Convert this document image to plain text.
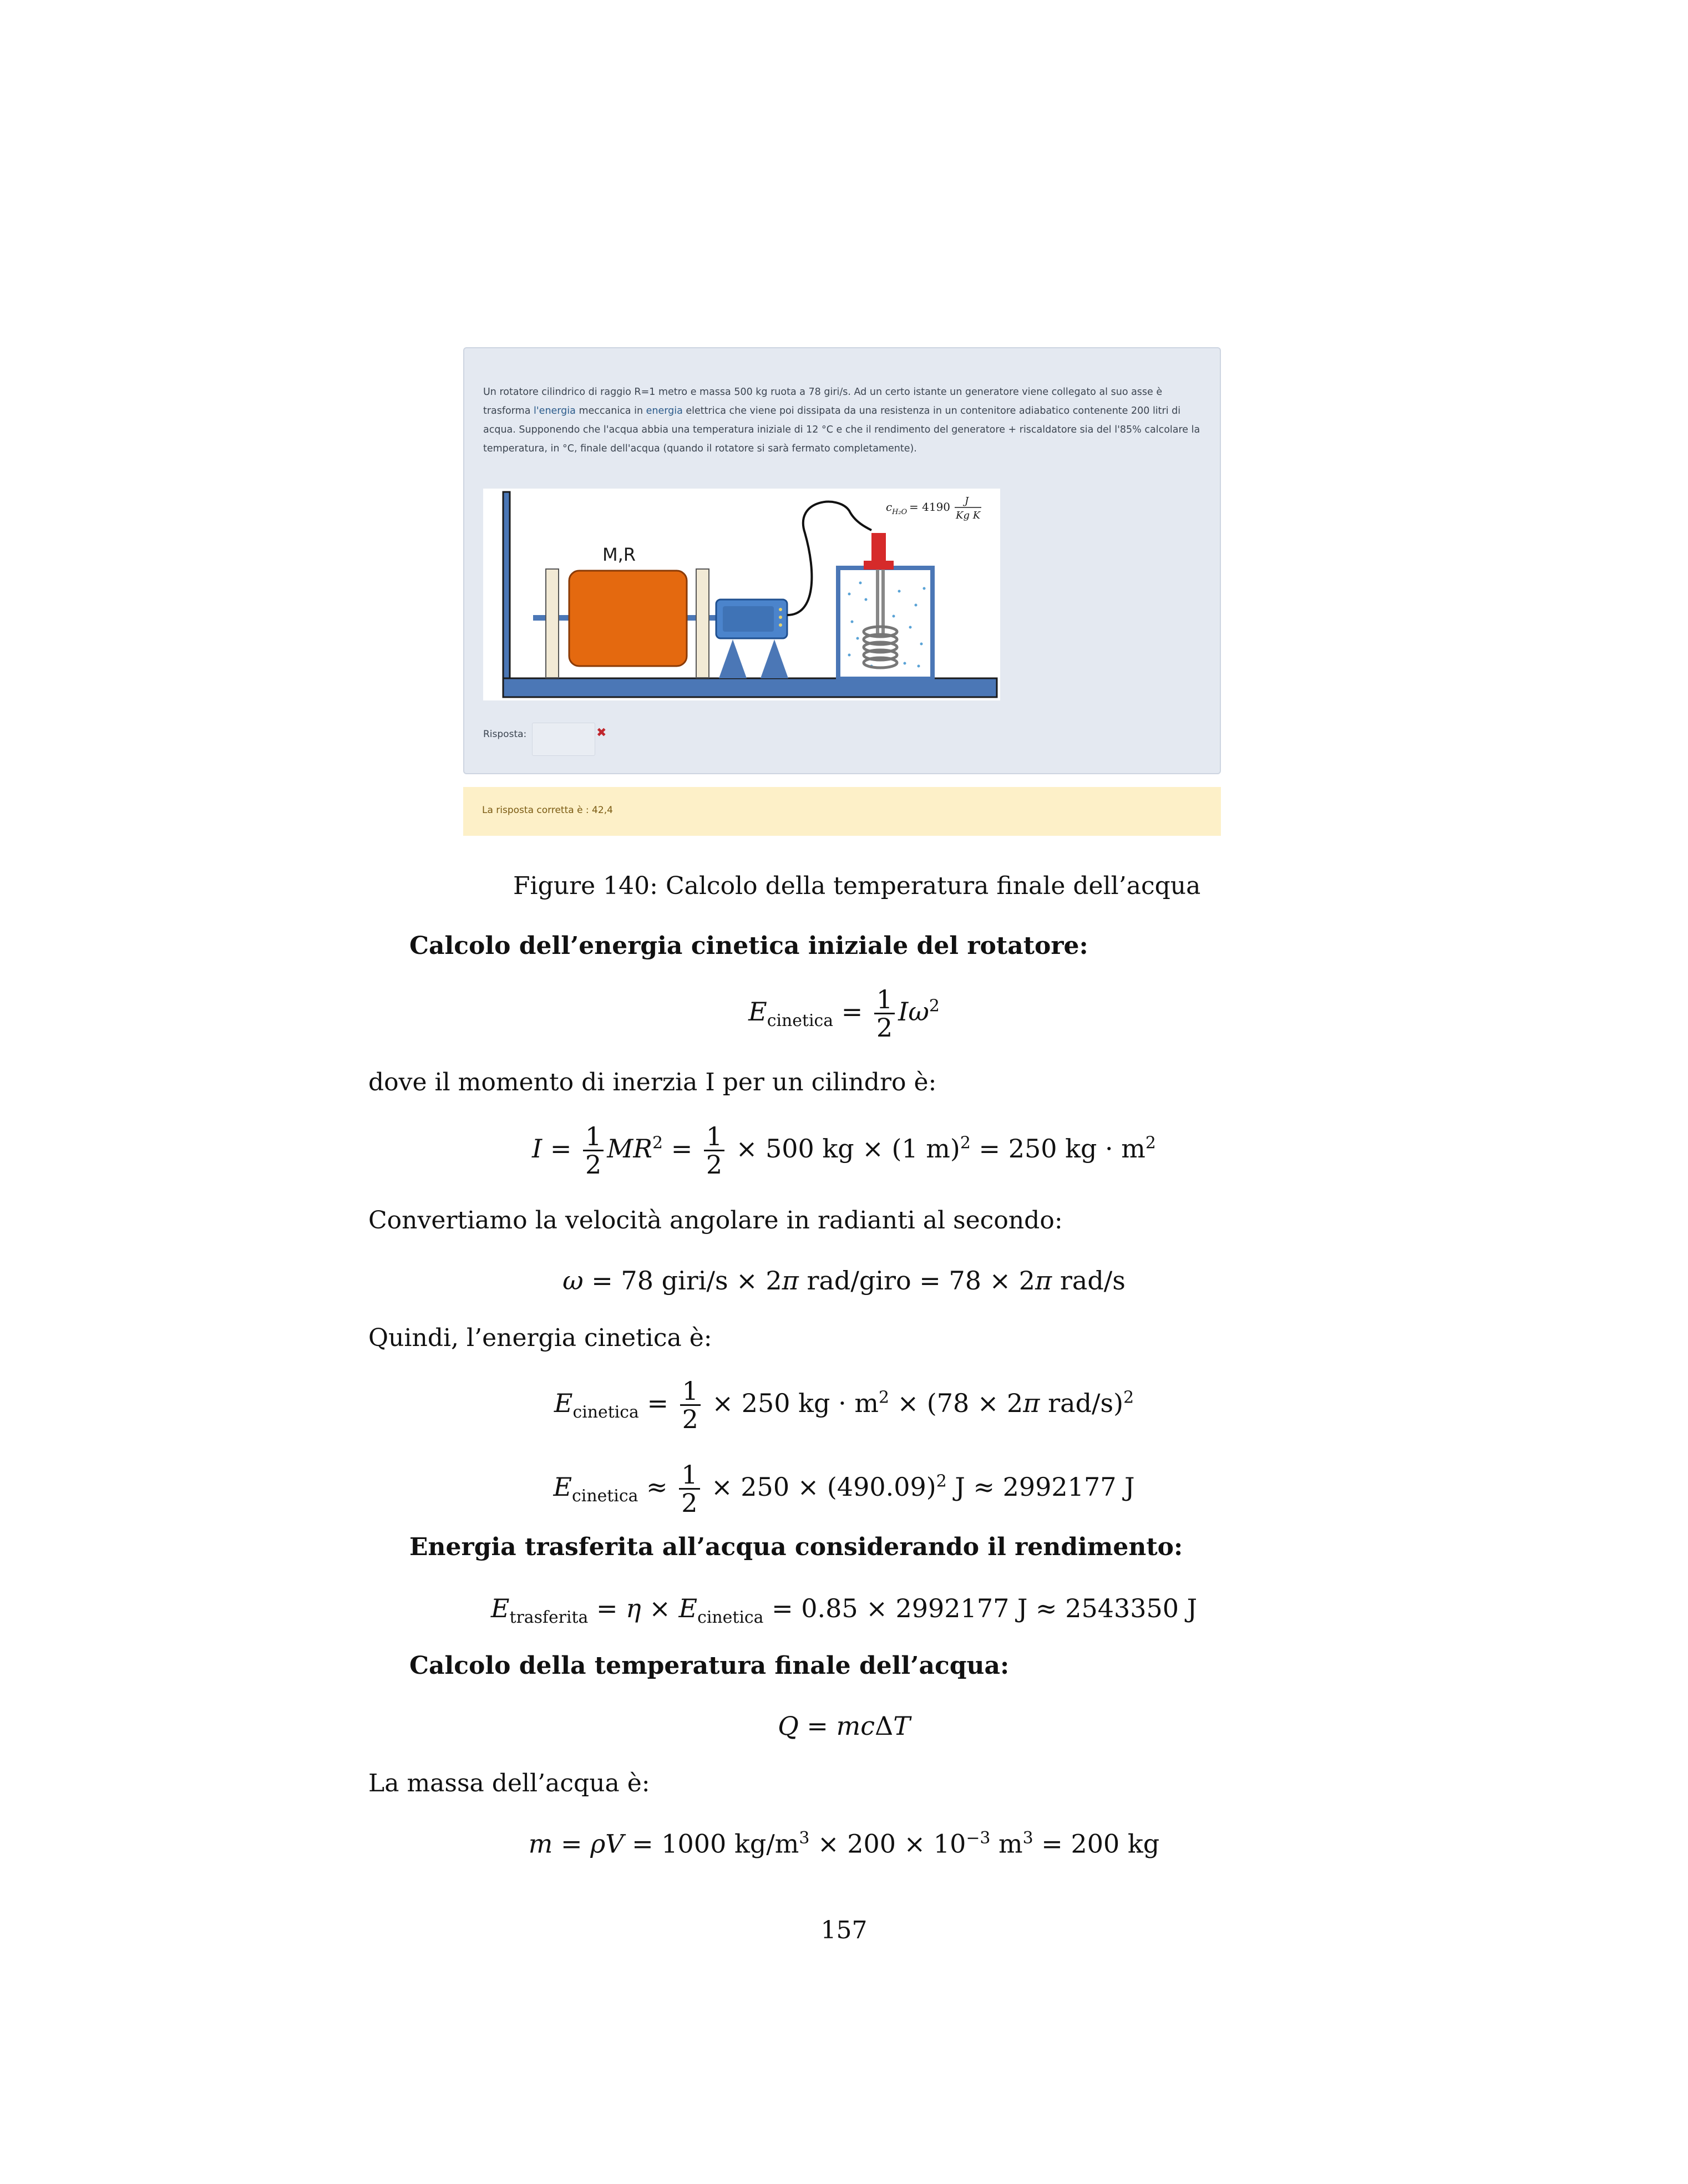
Un rotatore cilindrico di raggio R=1 metro e massa 500 kg ruota a 78 giri/s. Ad un certo istante un generatore viene collegato al suo asse è trasforma l'energia meccanica in energia elettrica che viene poi dissipata da una resistenza in un contenitore adiabatico contenente 200 litri di acqua. Supponendo che l'acqua abbia una temperatura iniziale di 12 °C e che il rendimento del generatore + riscaldatore sia del l'85% calcolare la temperatura, in °C, finale dell'acqua (quando il rotatore si sarà fermato completamente).
M,R
c H₂O = 4190 J
Kg K
Risposta:	✖
La risposta corretta è : 42,4
Figure 140: Calcolo della temperatura finale dell’acqua
Calcolo dell’energia cinetica iniziale del rotatore:
$E_{cinetica} = \frac{1}{2} I\omega^2$
dove il momento di inerzia I per un cilindro è:
$I = \frac{1}{2} MR^2 = \frac{1}{2} \times 500$ kg × (1 m)$^2$ = 250 kg · $m^2$
Convertiamo la velocità angolare in radianti al secondo:
ω = 78 giri/s × 2π rad/giro = 78 × 2π rad/s
Quindi, l’energia cinetica è:
$E_{cinetica} = \frac{1}{2} \times 250$ kg · $m^2 \times (78 \times 2\pi$ rad/s)$^2$
$E_{cinetica} \approx \frac{1}{2} \times 250 \times (490.09)^2$ J ≈ 2992177 J
Energia trasferita all’acqua considerando il rendimento:
$E_{trasferita} = \eta \times E_{cinetica} = 0.85 \times 2992177$ J ≈ 2543350 J
Calcolo della temperatura finale dell’acqua:
Q = mcΔT
La massa dell’acqua è:
m = ρV = 1000 $kg/m^3 \times 200 \times 10^{-3}$ $m^3 = 200$ kg
157
